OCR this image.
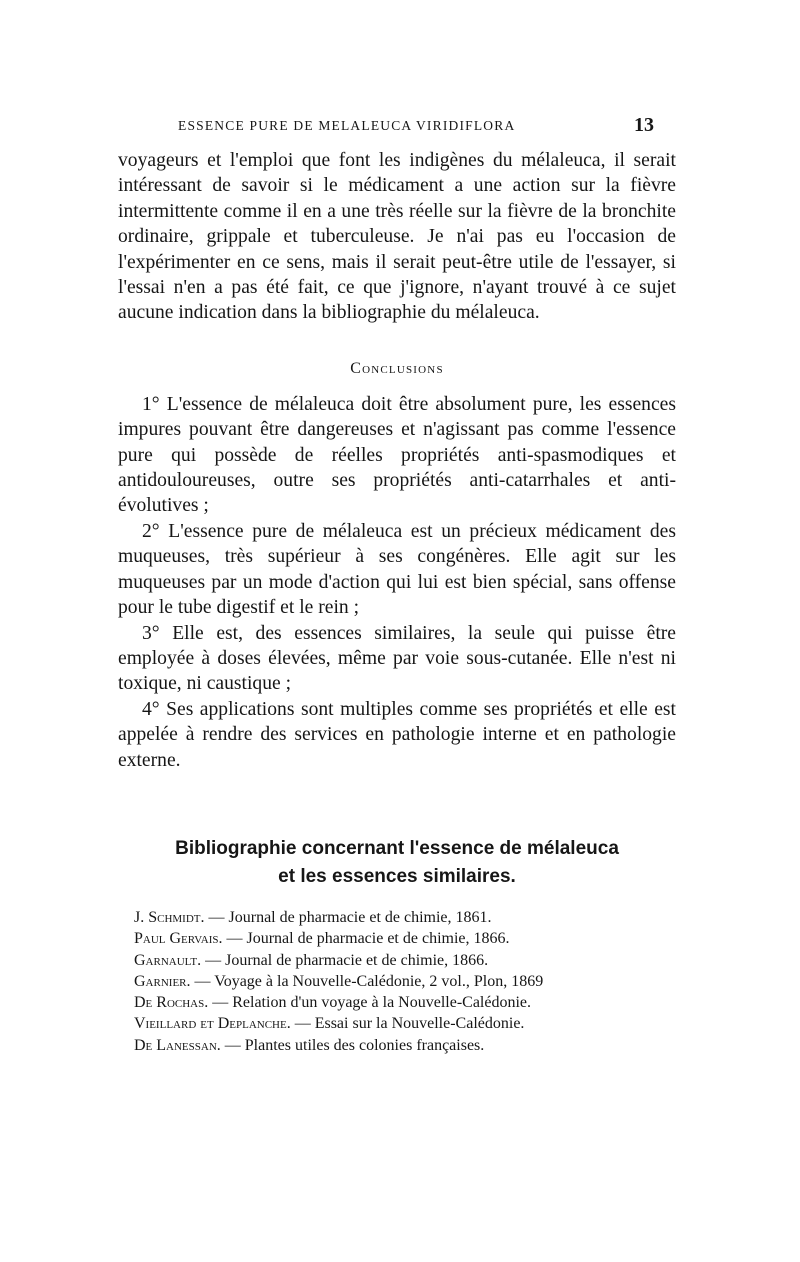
ESSENCE PURE DE MELALEUCA VIRIDIFLORA	13

voyageurs et l'emploi que font les indigènes du mélaleuca, il serait intéressant de savoir si le médicament a une action sur la fièvre intermittente comme il en a une très réelle sur la fièvre de la bronchite ordinaire, grippale et tuberculeuse. Je n'ai pas eu l'occasion de l'expérimenter en ce sens, mais il serait peut-être utile de l'essayer, si l'essai n'en a pas été fait, ce que j'ignore, n'ayant trouvé à ce sujet aucune indication dans la bibliographie du mélaleuca.

Conclusions

1° L'essence de mélaleuca doit être absolument pure, les essences impures pouvant être dangereuses et n'agissant pas comme l'essence pure qui possède de réelles propriétés anti-spasmodiques et antidouloureuses, outre ses propriétés anti-catarrhales et anti-évolutives ;

2° L'essence pure de mélaleuca est un précieux médicament des muqueuses, très supérieur à ses congénères. Elle agit sur les muqueuses par un mode d'action qui lui est bien spécial, sans offense pour le tube digestif et le rein ;

3° Elle est, des essences similaires, la seule qui puisse être employée à doses élevées, même par voie sous-cutanée. Elle n'est ni toxique, ni caustique ;

4° Ses applications sont multiples comme ses propriétés et elle est appelée à rendre des services en pathologie interne et en pathologie externe.

Bibliographie concernant l'essence de mélaleuca
et les essences similaires.
J. Schmidt. — Journal de pharmacie et de chimie, 1861.
Paul Gervais. — Journal de pharmacie et de chimie, 1866.
Garnault. — Journal de pharmacie et de chimie, 1866.
Garnier. — Voyage à la Nouvelle-Calédonie, 2 vol., Plon, 1869
De Rochas. — Relation d'un voyage à la Nouvelle-Calédonie.
Vieillard et Deplanche. — Essai sur la Nouvelle-Calédonie.
De Lanessan. — Plantes utiles des colonies françaises.
